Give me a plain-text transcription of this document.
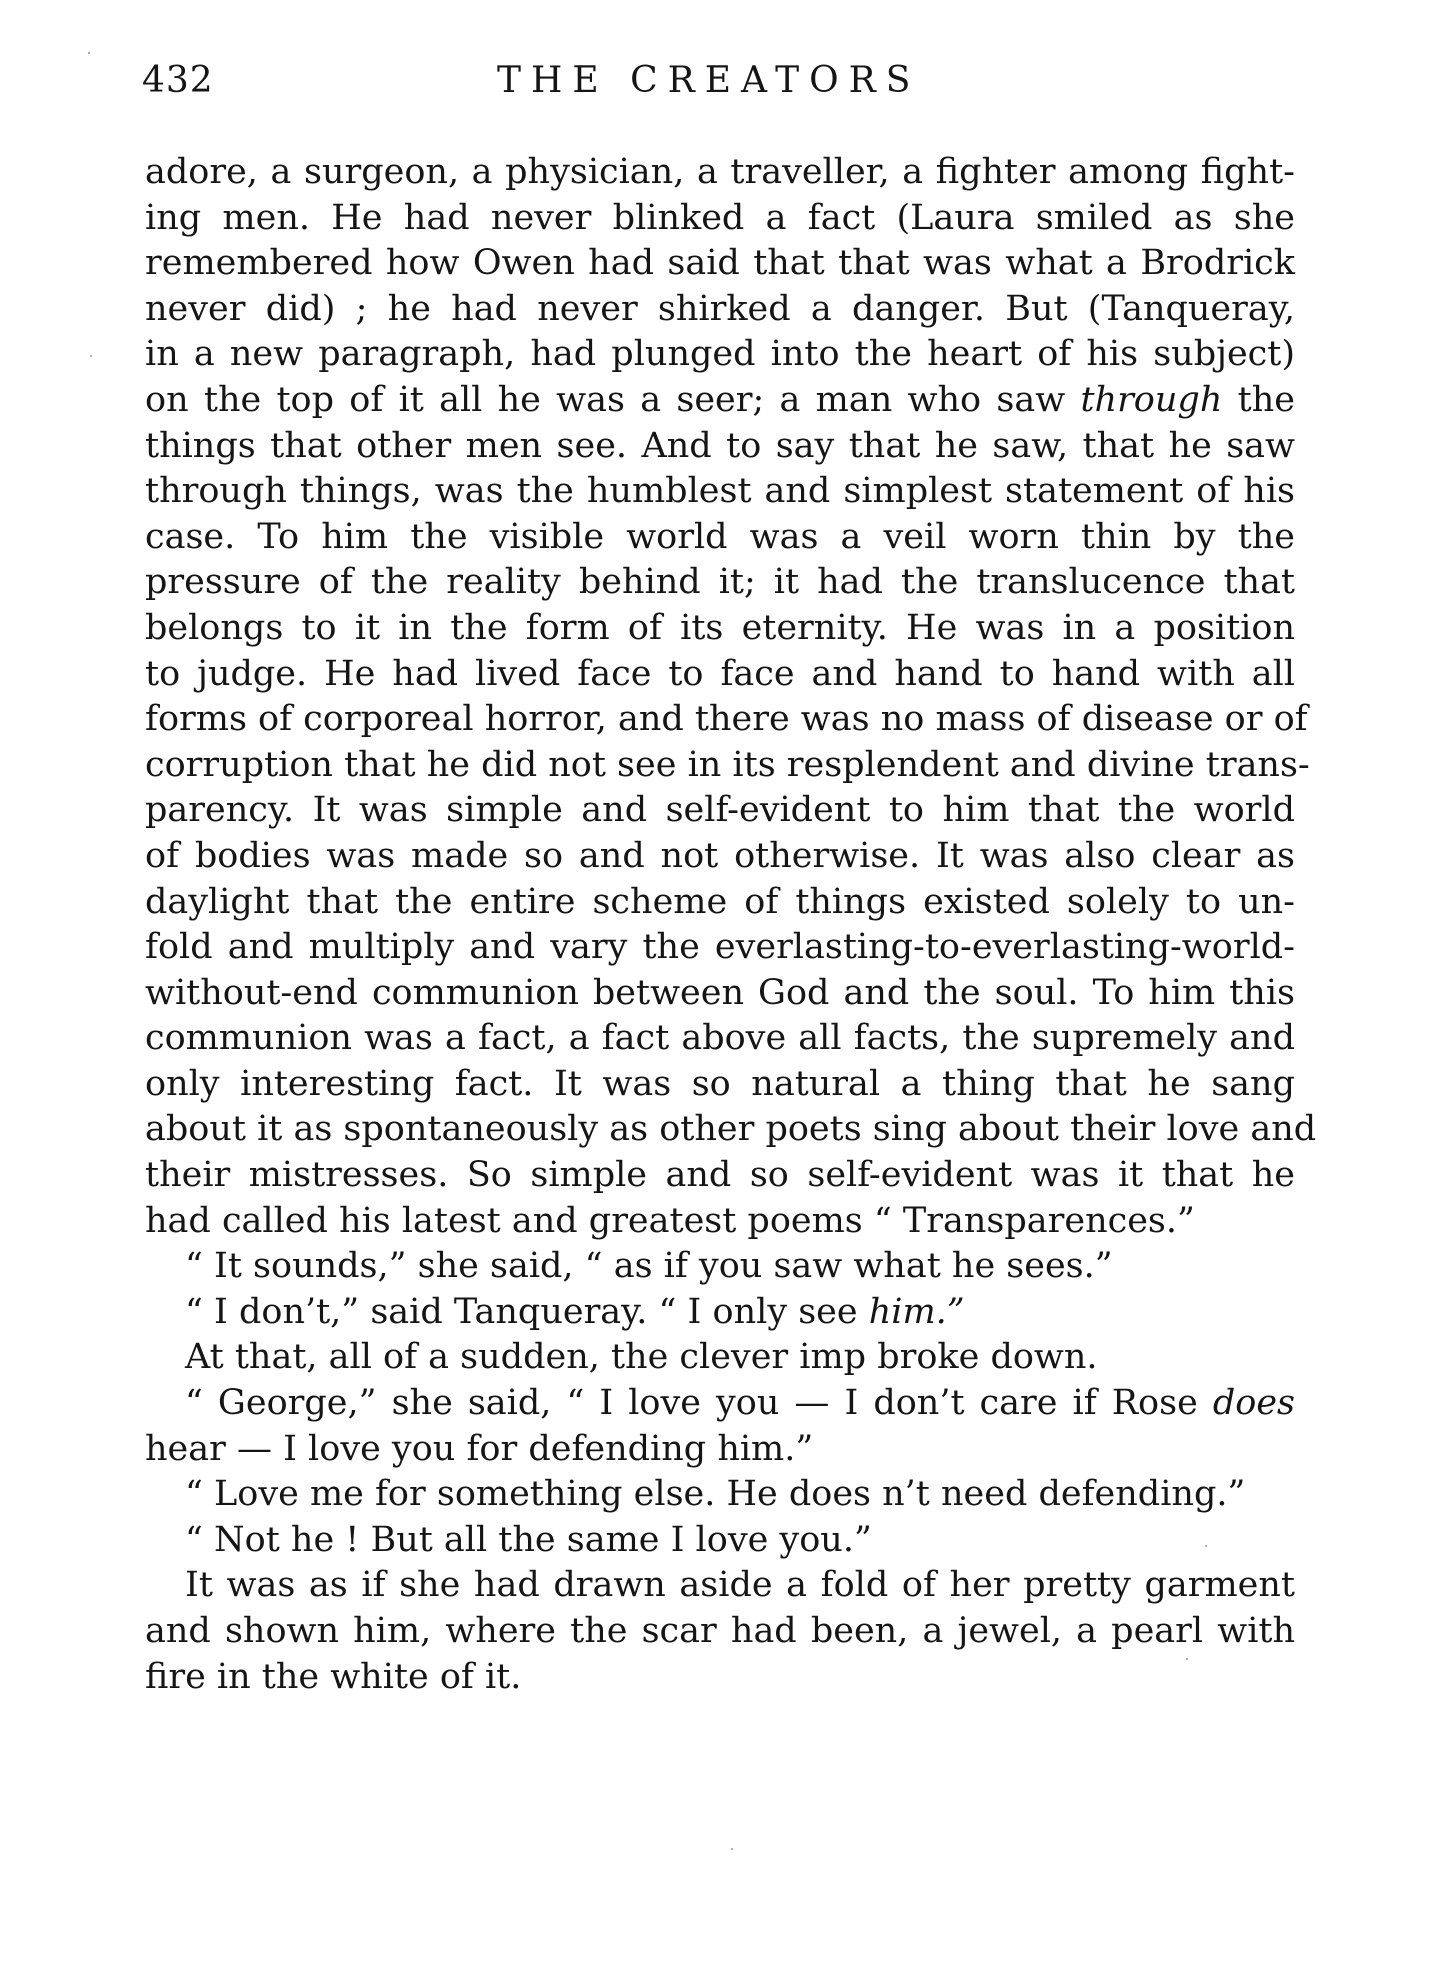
432	THE CREATORS
adore, a surgeon, a physician, a traveller, a fighter among fight-
ing men. He had never blinked a fact (Laura smiled as she
remembered how Owen had said that that was what a Brodrick
never did) ; he had never shirked a danger. But (Tanqueray,
in a new paragraph, had plunged into the heart of his subject)
on the top of it all he was a seer; a man who saw through the
things that other men see. And to say that he saw, that he saw
through things, was the humblest and simplest statement of his
case. To him the visible world was a veil worn thin by the
pressure of the reality behind it; it had the translucence that
belongs to it in the form of its eternity. He was in a position
to judge. He had lived face to face and hand to hand with all
forms of corporeal horror, and there was no mass of disease or of
corruption that he did not see in its resplendent and divine trans-
parency. It was simple and self-evident to him that the world
of bodies was made so and not otherwise. It was also clear as
daylight that the entire scheme of things existed solely to un-
fold and multiply and vary the everlasting-to-everlasting-world-
without-end communion between God and the soul. To him this
communion was a fact, a fact above all facts, the supremely and
only interesting fact. It was so natural a thing that he sang
about it as spontaneously as other poets sing about their love and
their mistresses. So simple and so self-evident was it that he
had called his latest and greatest poems “ Transparences.”
“ It sounds,” she said, “ as if you saw what he sees.”
“ I don’t,” said Tanqueray. “ I only see him.”
At that, all of a sudden, the clever imp broke down.
“ George,” she said, “ I love you — I don’t care if Rose does
hear — I love you for defending him.”
“ Love me for something else. He does n’t need defending.”
“ Not he ! But all the same I love you.”
It was as if she had drawn aside a fold of her pretty garment
and shown him, where the scar had been, a jewel, a pearl with
fire in the white of it.
